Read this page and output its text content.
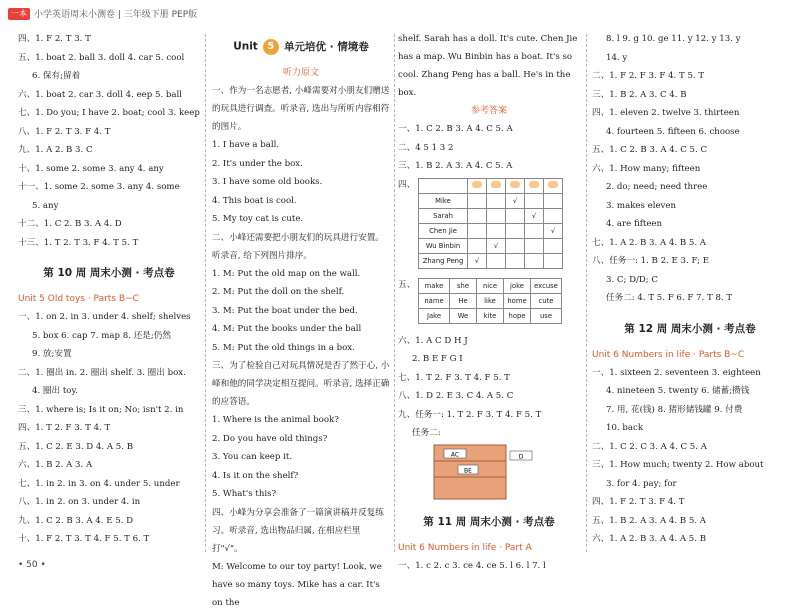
一本 小学英语周末小测卷 | 三年级下册 PEP版
四、1. F 2. T 3. T
五、1. boat 2. ball 3. doll 4. car 5. cool
6. 保有;留着
六、1. boat 2. car 3. doll 4. eep 5. ball
七、1. Do you; I have 2. boat; cool 3. keep
八、1. F 2. T 3. F 4. T
九、1. A 2. B 3. C
十、1. some 2. some 3. any 4. any
十一、1. some 2. some 3. any 4. some
5. any
十二、1. C 2. B 3. A 4. D
十三、1. T 2. T 3. F 4. T 5. T
第 10 周 周末小测 · 考点卷
Unit 5 Old toys · Parts B~C
一、1. on 2. in 3. under 4. shelf; shelves
5. box 6. cap 7. map 8. 还是;仍然
9. 放;安置
二、1. 圈出 in. 2. 圈出 shelf. 3. 圈出 box.
4. 圈出 toy.
三、1. where is; Is it on; No; isn't 2. in
四、1. T 2. F 3. T 4. T
五、1. C 2. E 3. D 4. A 5. B
六、1. B 2. A 3. A
七、1. in 2. in 3. on 4. under 5. under
八、1. in 2. on 3. under 4. in
九、1. C 2. B 3. A 4. E 5. D
十、1. F 2. T 3. T 4. F 5. T 6. T
Unit 5 单元培优 · 情境卷
听力原文
一、作为一名志愿者, 小峰需要对小朋友们赠送的玩具进行调查。听录音, 选出与所听内容相符的图片。
1. I have a ball.
2. It's under the box.
3. I have some old books.
4. This boat is cool.
5. My toy cat is cute.
二、小峰还需要把小朋友们的玩具进行安置。听录音, 给下列图片排序。
1. M: Put the old map on the wall.
2. M: Put the doll on the shelf.
3. M: Put the boat under the bed.
4. M: Put the books under the ball
5. M: Put the old things in a box.
三、为了检验自己对玩具情况是否了然于心, 小峰和他的同学决定相互提问。听录音, 选择正确的应答语。
1. Where is the animal book?
2. Do you have old things?
3. You can keep it.
4. Is it on the shelf?
5. What's this?
四、小峰为分享会准备了一篇演讲稿并反复练习。听录音, 选出物品归属, 在相应栏里打"√"。
M: Welcome to our toy party! Look, we have so many toys. Mike has a car. It's on the
shelf. Sarah has a doll. It's cute. Chen Jie has a map. Wu Binbin has a boat. It's so cool. Zhang Peng has a ball. He's in the box.
参考答案
一、1. C 2. B 3. A 4. C 5. A
二、4 5 1 3 2
三、1. B 2. A 3. A 4. C 5. A
四、

Mike			√		
Sarah				√	
Chen Jie					√
Wu Binbin		√			
Zhang Peng	√				
五、 make	she	nice	joke	excuse
name	He	like	home	cute
Jake	We	kite	hope	use
六、1. A C D H J
2. B E F G I
七、1. T 2. F 3. T 4. F 5. T
八、1. D 2. E 3. C 4. A 5. C
九、任务一: 1. T 2. F 3. T 4. F 5. T
任务二:
AC
BE
D
第 11 周 周末小测 · 考点卷
Unit 6 Numbers in life · Part A
一、1. c 2. c 3. ce 4. ce 5. l 6. l 7. l
8. l 9. g 10. ge 11. y 12. y 13. y
14. y
二、1. F 2. F 3. F 4. T 5. T
三、1. B 2. A 3. C 4. B
四、1. eleven 2. twelve 3. thirteen
4. fourteen 5. fifteen 6. choose
五、1. C 2. B 3. A 4. C 5. C
六、1. How many; fifteen
2. do; need; need three
3. makes eleven
4. are fifteen
七、1. A 2. B 3. A 4. B 5. A
八、任务一: 1. B 2. E 3. F; E
3. C; D/D; C
任务二: 4. T 5. F 6. F 7. T 8. T
第 12 周 周末小测 · 考点卷
Unit 6 Numbers in life · Parts B~C
一、1. sixteen 2. seventeen 3. eighteen
4. nineteen 5. twenty 6. 储蓄;攒钱
7. 用, 花(钱) 8. 猪形储钱罐 9. 付费
10. back
二、1. C 2. C 3. A 4. C 5. A
三、1. How much; twenty 2. How about
3. for 4. pay; for
四、1. F 2. T 3. F 4. T
五、1. B 2. A 3. A 4. B 5. A
六、1. A 2. B 3. A 4. A 5. B
• 50 •
